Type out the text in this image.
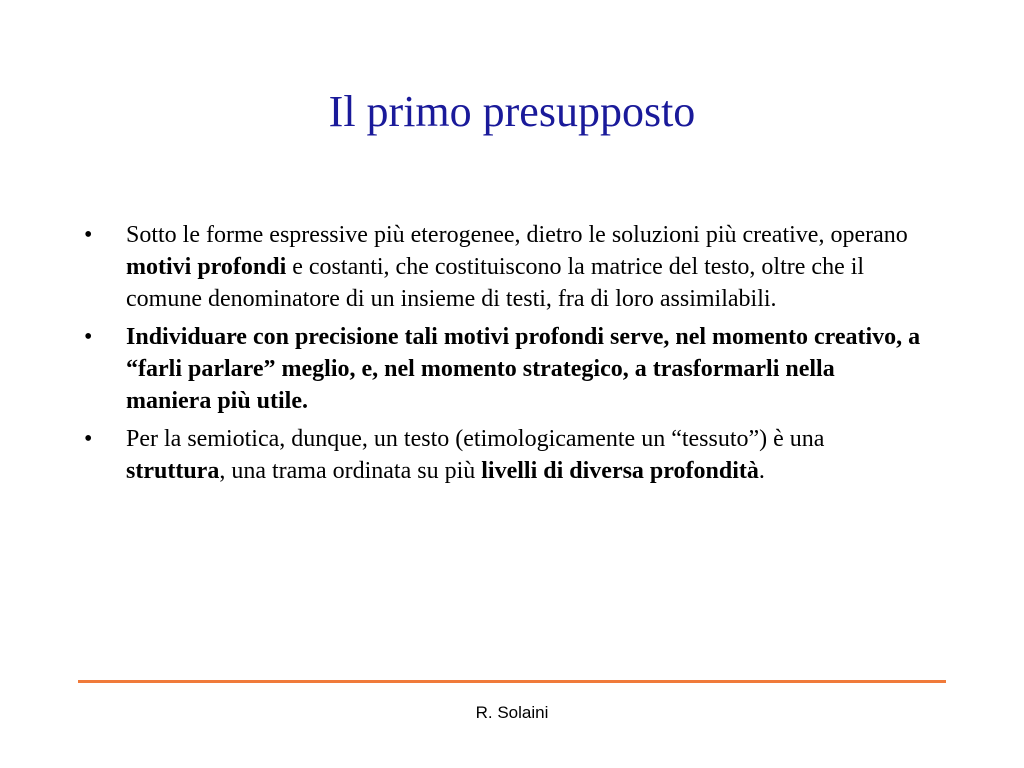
Il primo presupposto
•	Sotto le forme espressive più eterogenee, dietro le soluzioni più creative, operano motivi profondi e costanti, che costituiscono la matrice del testo, oltre che il comune denominatore di un insieme di testi, fra di loro assimilabili.
•	Individuare con precisione tali motivi profondi serve, nel momento creativo, a “farli parlare” meglio, e, nel momento strategico, a trasformarli nella maniera più utile.
•	Per la semiotica, dunque, un testo (etimologicamente un “tessuto”) è una struttura, una trama ordinata su più livelli di diversa profondità.
R. Solaini
